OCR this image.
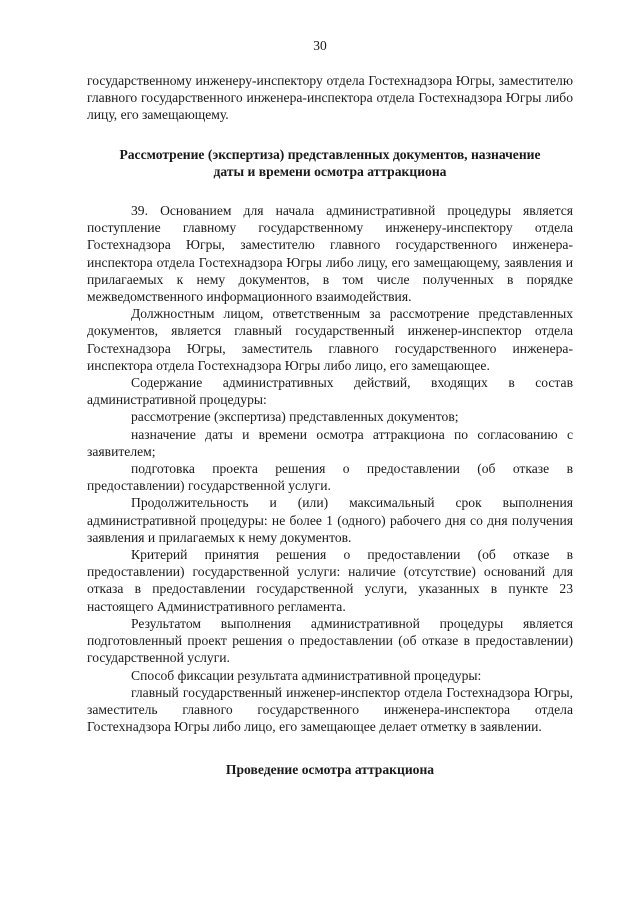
30

государственному инженеру-инспектору отдела Гостехнадзора Югры, заместителю главного государственного инженера-инспектора отдела Гостехнадзора Югры либо лицу, его замещающему.

Рассмотрение (экспертиза) представленных документов, назначение

даты и времени осмотра аттракциона

39. Основанием для начала административной процедуры является поступление главному государственному инженеру-инспектору отдела Гостехнадзора Югры, заместителю главного государственного инженера-инспектора отдела Гостехнадзора Югры либо лицу, его замещающему, заявления и прилагаемых к нему документов, в том числе полученных в порядке межведомственного информационного взаимодействия.

Должностным лицом, ответственным за рассмотрение представленных документов, является главный государственный инженер-инспектор отдела Гостехнадзора Югры, заместитель главного государственного инженера-инспектора отдела Гостехнадзора Югры либо лицо, его замещающее.

Содержание административных действий, входящих в состав административной процедуры:

рассмотрение (экспертиза) представленных документов;

назначение даты и времени осмотра аттракциона по согласованию с заявителем;

подготовка проекта решения о предоставлении (об отказе в предоставлении) государственной услуги.

Продолжительность и (или) максимальный срок выполнения административной процедуры: не более 1 (одного) рабочего дня со дня получения заявления и прилагаемых к нему документов.

Критерий принятия решения о предоставлении (об отказе в предоставлении) государственной услуги: наличие (отсутствие) оснований для отказа в предоставлении государственной услуги, указанных в пункте 23 настоящего Административного регламента.

Результатом выполнения административной процедуры является подготовленный проект решения о предоставлении (об отказе в предоставлении) государственной услуги.

Способ фиксации результата административной процедуры:

главный государственный инженер-инспектор отдела Гостехнадзора Югры, заместитель главного государственного инженера-инспектора отдела Гостехнадзора Югры либо лицо, его замещающее делает отметку в заявлении.

Проведение осмотра аттракциона
